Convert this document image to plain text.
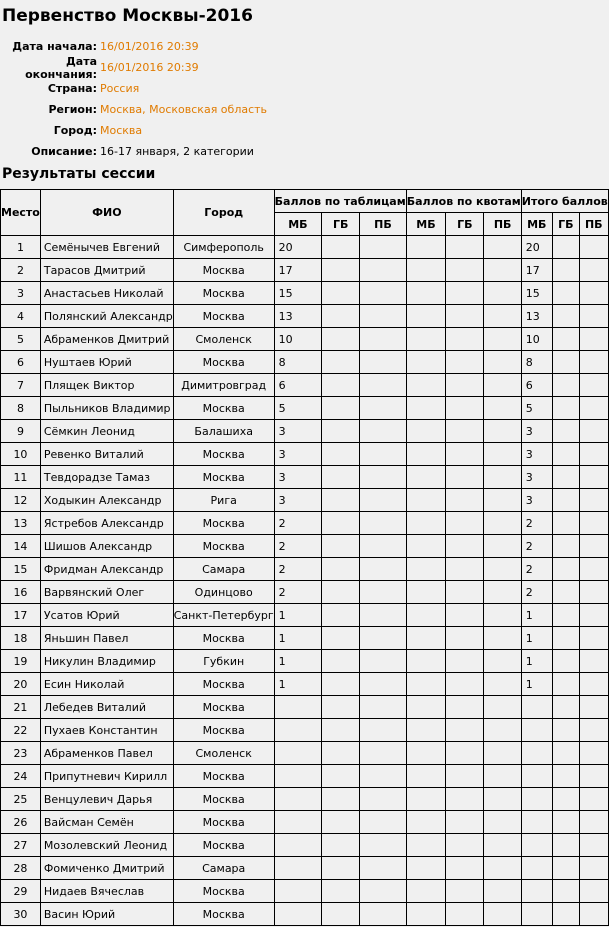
Первенство Москвы-2016
Дата начала: 16/01/2016 20:39
Дата окончания: 16/01/2016 20:39
Страна: Россия
Регион: Москва, Московская область
Город: Москва
Описание: 16-17 января, 2 категории
Результаты сессии
Место	ФИО	Город	Баллов по таблицам			Баллов по квотам			Итого баллов		
			МБ	ГБ	ПБ	МБ	ГБ	ПБ	МБ	ГБ	ПБ
1	Семёнычев Евгений	Симферополь	20						20		
2	Тарасов Дмитрий	Москва	17						17		
3	Анастасьев Николай	Москва	15						15		
4	Полянский Александр	Москва	13						13		
5	Абраменков Дмитрий	Смоленск	10						10		
6	Нуштаев Юрий	Москва	8						8		
7	Плящек Виктор	Димитровград	6						6		
8	Пыльников Владимир	Москва	5						5		
9	Сёмкин Леонид	Балашиха	3						3		
10	Ревенко Виталий	Москва	3						3		
11	Тевдорадзе Тамаз	Москва	3						3		
12	Ходыкин Александр	Рига	3						3		
13	Ястребов Александр	Москва	2						2		
14	Шишов Александр	Москва	2						2		
15	Фридман Александр	Самара	2						2		
16	Варвянский Олег	Одинцово	2						2		
17	Усатов Юрий	Санкт-Петербург	1						1		
18	Яньшин Павел	Москва	1						1		
19	Никулин Владимир	Губкин	1						1		
20	Есин Николай	Москва	1						1		
21	Лебедев Виталий	Москва									
22	Пухаев Константин	Москва									
23	Абраменков Павел	Смоленск									
24	Припутневич Кирилл	Москва									
25	Венцулевич Дарья	Москва									
26	Вайсман Семён	Москва									
27	Мозолевский Леонид	Москва									
28	Фомиченко Дмитрий	Самара									
29	Нидаев Вячеслав	Москва									
30	Васин Юрий	Москва									
